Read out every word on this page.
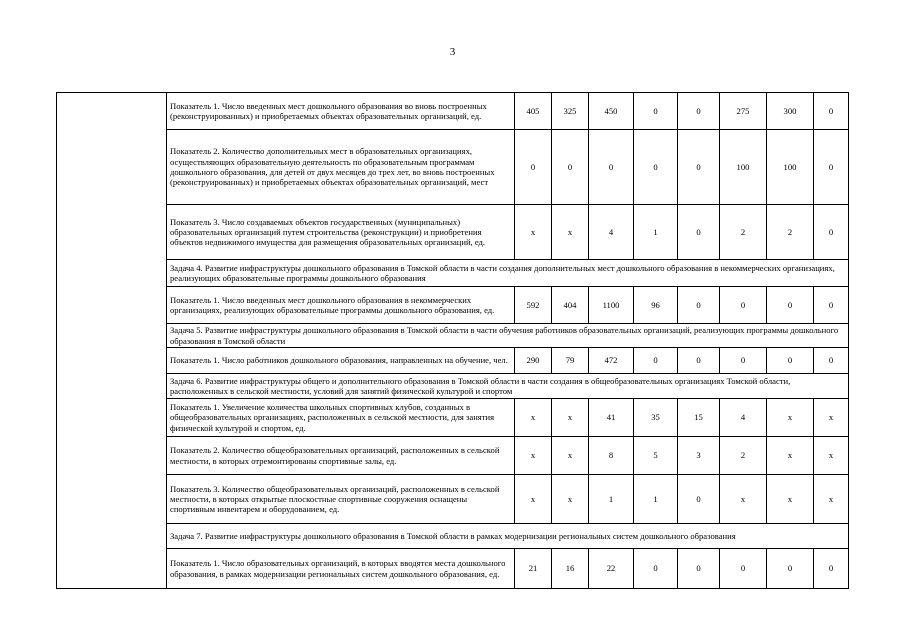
3
	Показатель 1. Число введенных мест дошкольного образования во вновь построенных (реконструированных) и приобретаемых объектах образовательных организаций, ед.	405	325	450	0	0	275	300	0
	Показатель 2. Количество дополнительных мест в образовательных организациях, осуществляющих образовательную деятельность по образовательным программам дошкольного образования, для детей от двух месяцев до трех лет, во вновь построенных (реконструированных) и приобретаемых объектах образовательных организаций, мест	0	0	0	0	0	100	100	0
	Показатель 3. Число создаваемых объектов государственных (муниципальных) образовательных организаций путем строительства (реконструкции) и приобретения объектов недвижимого имущества для размещения образовательных организаций, ед.	x	x	4	1	0	2	2	0
	Задача 4. Развитие инфраструктуры дошкольного образования в Томской области в части создания дополнительных мест дошкольного образования в некоммерческих организациях, реализующих образовательные программы дошкольного образования								
	Показатель 1. Число введенных мест дошкольного образования в некоммерческих организациях, реализующих образовательные программы дошкольного образования, ед.	592	404	1100	96	0	0	0	0
	Задача 5. Развитие инфраструктуры дошкольного образования в Томской области в части обучения работников образовательных организаций, реализующих программы дошкольного образования в Томской области								
	Показатель 1. Число работников дошкольного образования, направленных на обучение, чел.	290	79	472	0	0	0	0	0
	Задача 6. Развитие инфраструктуры общего и дополнительного образования в Томской области в части создания в общеобразовательных организациях Томской области, расположенных в сельской местности, условий для занятий физической культурой и спортом								
	Показатель 1. Увеличение количества школьных спортивных клубов, созданных в общеобразовательных организациях, расположенных в сельской местности, для занятия физической культурой и спортом, ед.	x	x	41	35	15	4	x	x
	Показатель 2. Количество общеобразовательных организаций, расположенных в сельской местности, в которых отремонтированы спортивные залы, ед.	x	x	8	5	3	2	x	x
	Показатель 3. Количество общеобразовательных организаций, расположенных в сельской местности, в которых открытые плоскостные спортивные сооружения оснащены спортивным инвентарем и оборудованием, ед.	x	x	1	1	0	x	x	x
	Задача 7. Развитие инфраструктуры дошкольного образования в Томской области в рамках модернизации региональных систем дошкольного образования								
	Показатель 1. Число образовательных организаций, в которых вводятся места дошкольного образования, в рамках модернизации региональных систем дошкольного образования, ед.	21	16	22	0	0	0	0	0
